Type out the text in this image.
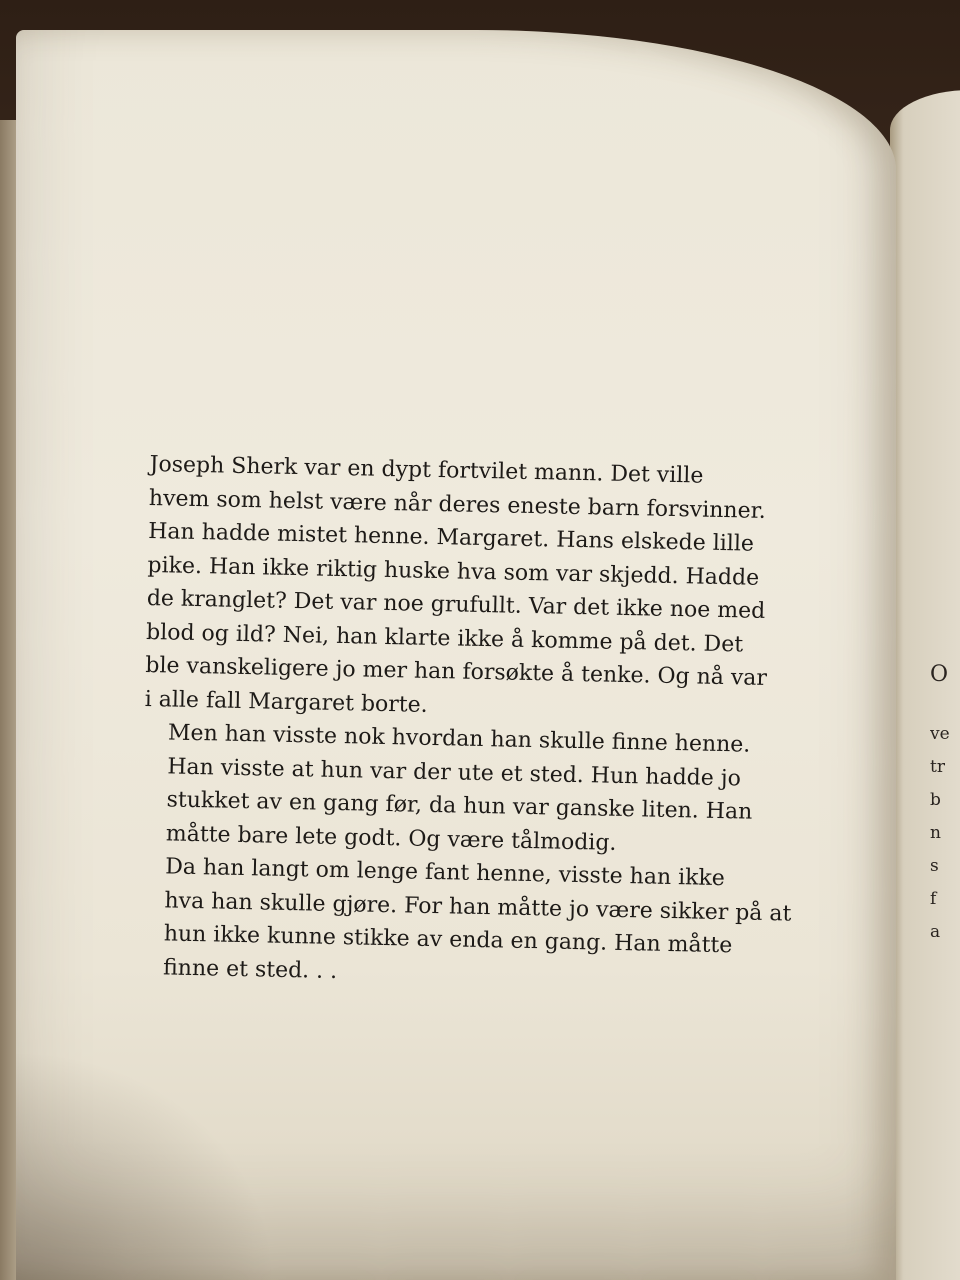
O
ve
tr
b
n
s
f
a

Joseph Sherk var en dypt fortvilet mann. Det ville
hvem som helst være når deres eneste barn forsvinner.
Han hadde mistet henne. Margaret. Hans elskede lille
pike. Han ikke riktig huske hva som var skjedd. Hadde
de kranglet? Det var noe grufullt. Var det ikke noe med
blod og ild? Nei, han klarte ikke å komme på det. Det
ble vanskeligere jo mer han forsøkte å tenke. Og nå var
i alle fall Margaret borte.

Men han visste nok hvordan han skulle finne henne.
Han visste at hun var der ute et sted. Hun hadde jo
stukket av en gang før, da hun var ganske liten. Han
måtte bare lete godt. Og være tålmodig.

Da han langt om lenge fant henne, visste han ikke
hva han skulle gjøre. For han måtte jo være sikker på at
hun ikke kunne stikke av enda en gang. Han måtte
finne et sted. . .
